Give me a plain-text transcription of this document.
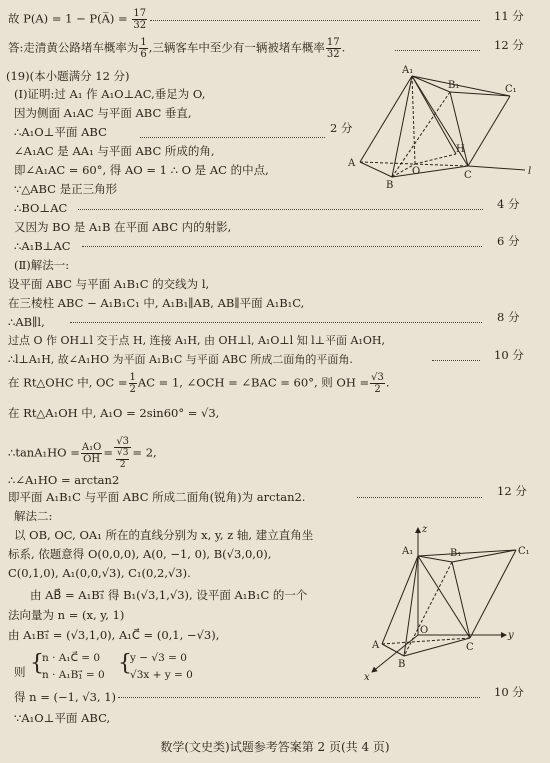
故 P(A) = 1 − P(A̅) = $\frac{17}{32}$	11 分
答:走清黄公路堵车概率为 $\frac{1}{6}$ ,三辆客车中至少有一辆被堵车概率 $\frac{17}{32}$ .	12 分
(19)(本小题满分 12 分)
(Ⅰ)证明:过 A₁ 作 A₁O⊥AC,垂足为 O,
因为侧面 A₁AC 与平面 ABC 垂直,
∴A₁O⊥平面 ABC	2 分
∠A₁AC 是 AA₁ 与平面 ABC 所成的角,
即∠A₁AC = 60°, 得 AO = 1 ∴ O 是 AC 的中点,
∵△ABC 是正三角形
∴BO⊥AC	4 分
又因为 BO 是 A₁B 在平面 ABC 内的射影,
∴A₁B⊥AC	6 分
(Ⅱ)解法一:
设平面 ABC 与平面 A₁B₁C 的交线为 l,
在三棱柱 ABC − A₁B₁C₁ 中, A₁B₁∥AB, AB∥平面 A₁B₁C,
∴AB∥l,	8 分
过点 O 作 OH⊥l 交于点 H, 连接 A₁H, 由 OH⊥l, A₁O⊥l 知 l⊥平面 A₁OH,
∴l⊥A₁H, 故∠A₁HO 为平面 A₁B₁C 与平面 ABC 所成二面角的平面角.	10 分
在 Rt△OHC 中, OC = $\frac{1}{2}$ AC = 1, ∠OCH = ∠BAC = 60°, 则 OH = $\frac{√3}{2}$ .
在 Rt△A₁OH 中, A₁O = 2sin60° = √3,
∴tanA₁HO = $\frac{\text{A₁O}}{OH} = \frac{√3}{\frac{√3}{2}} = 2$,
∴∠A₁HO = arctan2
即平面 A₁B₁C 与平面 ABC 所成二面角(锐角)为 arctan2.	12 分
解法二:
以 OB, OC, OA₁ 所在的直线分别为 x, y, z 轴, 建立直角坐
标系, 依题意得 O(0,0,0), A(0, −1, 0), B(√3,0,0),
C(0,1,0), A₁(0,0,√3), C₁(0,2,√3).
由 AB⃗ = A₁B₁⃗ 得 B₁(√3,1,√3), 设平面 A₁B₁C 的一个
法向量为 n = (x, y, 1)
由 A₁B₁⃗ = (√3,1,0), A₁C⃗ = (0,1, −√3),
则 {
n · A₁C⃗ = 0
n · A₁B₁⃗ = 0 {
y − √3 = 0
√3x + y = 0
得 n = (−1, √3, 1)	10 分
∵A₁O⊥平面 ABC,
A₁
B₁	C₁
A
B
C
O
H
l
z
A₁	B₁	C₁
A
B
C
O	y
x
数学(文史类)试题参考答案第 2 页(共 4 页)
